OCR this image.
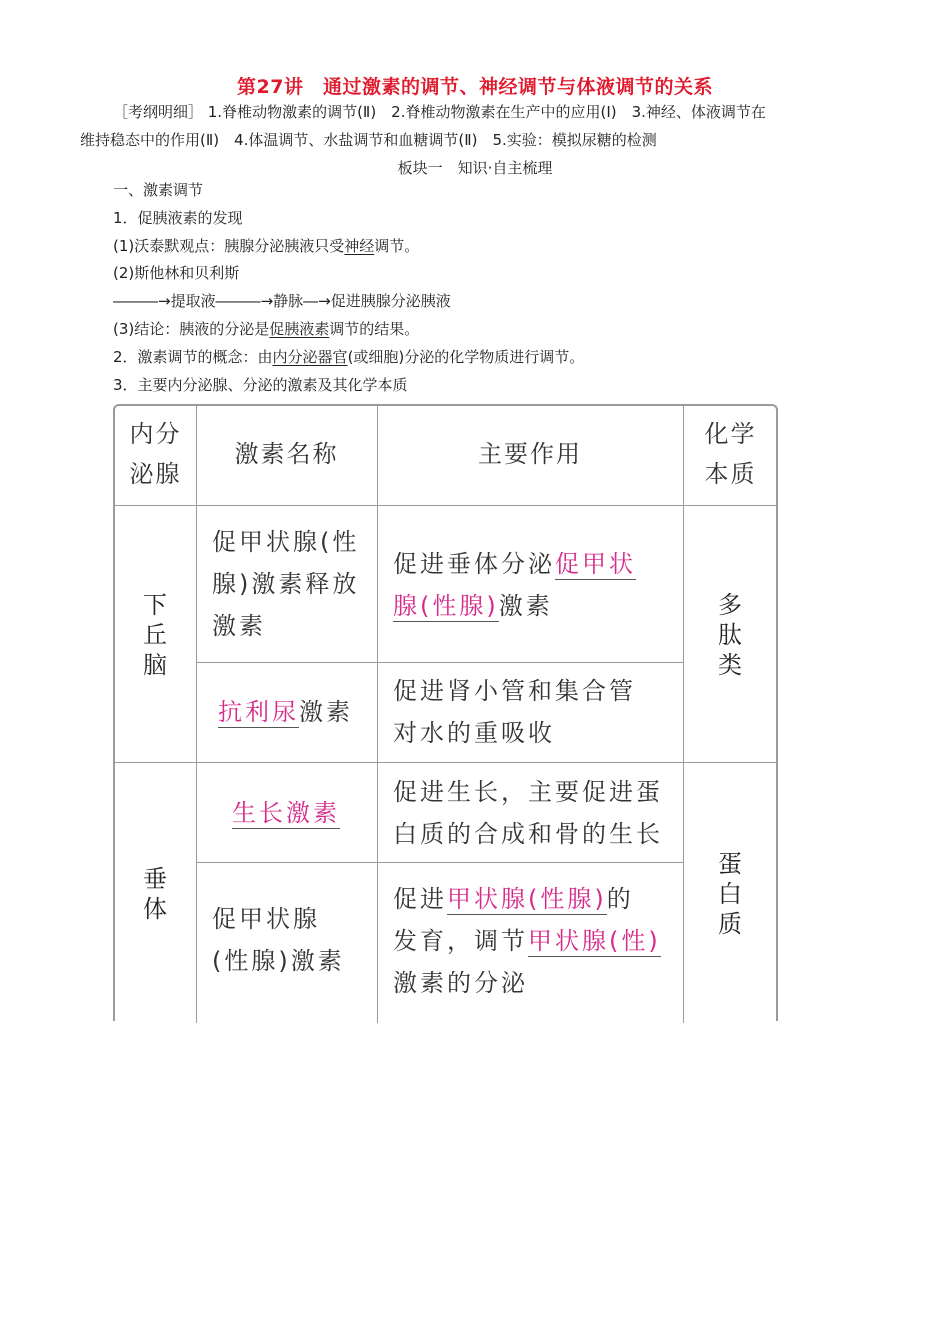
第27讲　通过激素的调节、神经调节与体液调节的关系
［考纲明细］ 1.脊椎动物激素的调节(Ⅱ)　2.脊椎动物激素在生产中的应用(Ⅰ)　3.神经、体液调节在
维持稳态中的作用(Ⅱ)　4.体温调节、水盐调节和血糖调节(Ⅱ)　5.实验：模拟尿糖的检测
板块一　知识·自主梳理
一、激素调节
1．促胰液素的发现
(1)沃泰默观点：胰腺分泌胰液只受神经调节。
(2)斯他林和贝利斯
―――→提取液―――→静脉―→促进胰腺分泌胰液
(3)结论：胰液的分泌是促胰液素调节的结果。
2．激素调节的概念：由内分泌器官(或细胞)分泌的化学物质进行调节。
3．主要内分泌腺、分泌的激素及其化学本质
内分
泌腺
激素名称	主要作用
化学
本质
下
丘
脑
多
肽
类
促甲状腺(性
腺)激素释放
激素
促进垂体分泌促甲状
腺(性腺)激素
抗利尿激素
促进肾小管和集合管
对水的重吸收
垂
体
蛋
白
质
生长激素
促进生长，主要促进蛋
白质的合成和骨的生长
促甲状腺
(性腺)激素
促进甲状腺(性腺)的
发育，调节甲状腺(性)
激素的分泌
